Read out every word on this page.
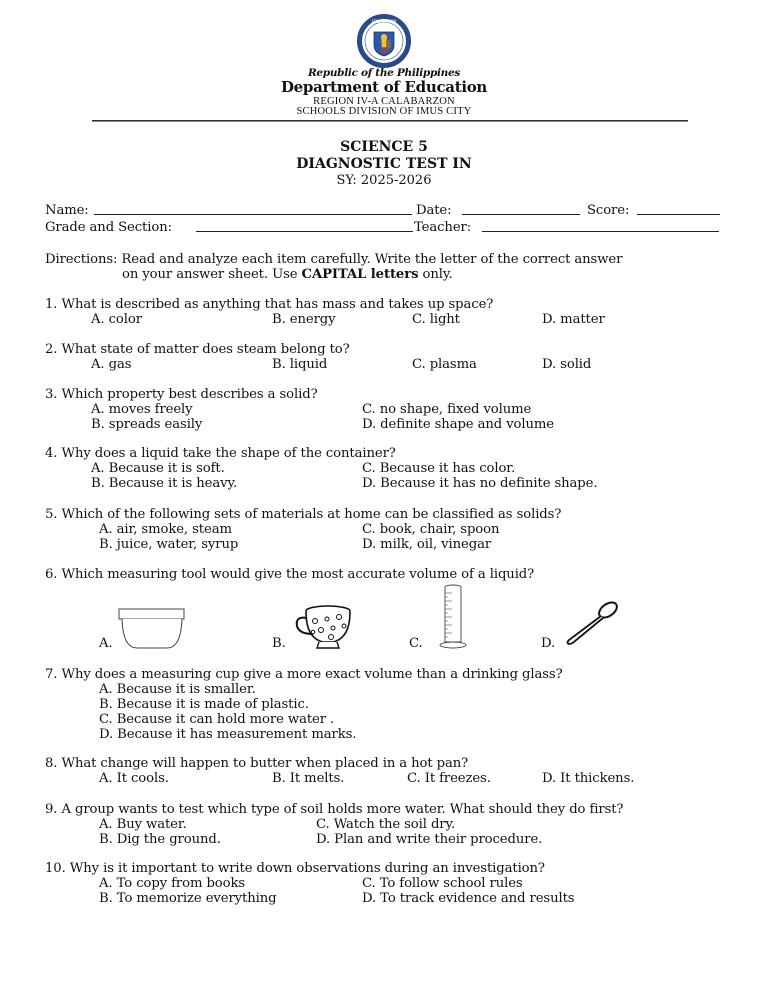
EDUKASYON
Republic of the Philippines
Department of Education
REGION IV-A CALABARZON
SCHOOLS DIVISION OF IMUS CITY
SCIENCE 5
DIAGNOSTIC TEST IN
SY: 2025-2026
Name:	Date:	Score:
Grade and Section:	Teacher:
Directions: Read and analyze each item carefully. Write the letter of the correct answer
on your answer sheet. Use CAPITAL letters only.
1. What is described as anything that has mass and takes up space?
A. color	B. energy	C. light	D. matter
2. What state of matter does steam belong to?
A. gas	B. liquid	C. plasma	D. solid
3. Which property best describes a solid?
A. moves freely
B. spreads easily
C. no shape, fixed volume
D. definite shape and volume
4. Why does a liquid take the shape of the container?
A. Because it is soft.
B. Because it is heavy.
C. Because it has color.
D. Because it has no definite shape.
5. Which of the following sets of materials at home can be classified as solids?
A. air, smoke, steam
B. juice, water, syrup
C. book, chair, spoon
D. milk, oil, vinegar
6. Which measuring tool would give the most accurate volume of a liquid?
A.	B.	C.	D.
7. Why does a measuring cup give a more exact volume than a drinking glass?
A. Because it is smaller.
B. Because it is made of plastic.
C. Because it can hold more water .
D. Because it has measurement marks.
8. What change will happen to butter when placed in a hot pan?
A. It cools.	B. It melts.	C. It freezes.	D. It thickens.
9. A group wants to test which type of soil holds more water. What should they do first?
A. Buy water.
B. Dig the ground.
C. Watch the soil dry.
D. Plan and write their procedure.
10. Why is it important to write down observations during an investigation?
A. To copy from books
B. To memorize everything
C. To follow school rules
D. To track evidence and results
